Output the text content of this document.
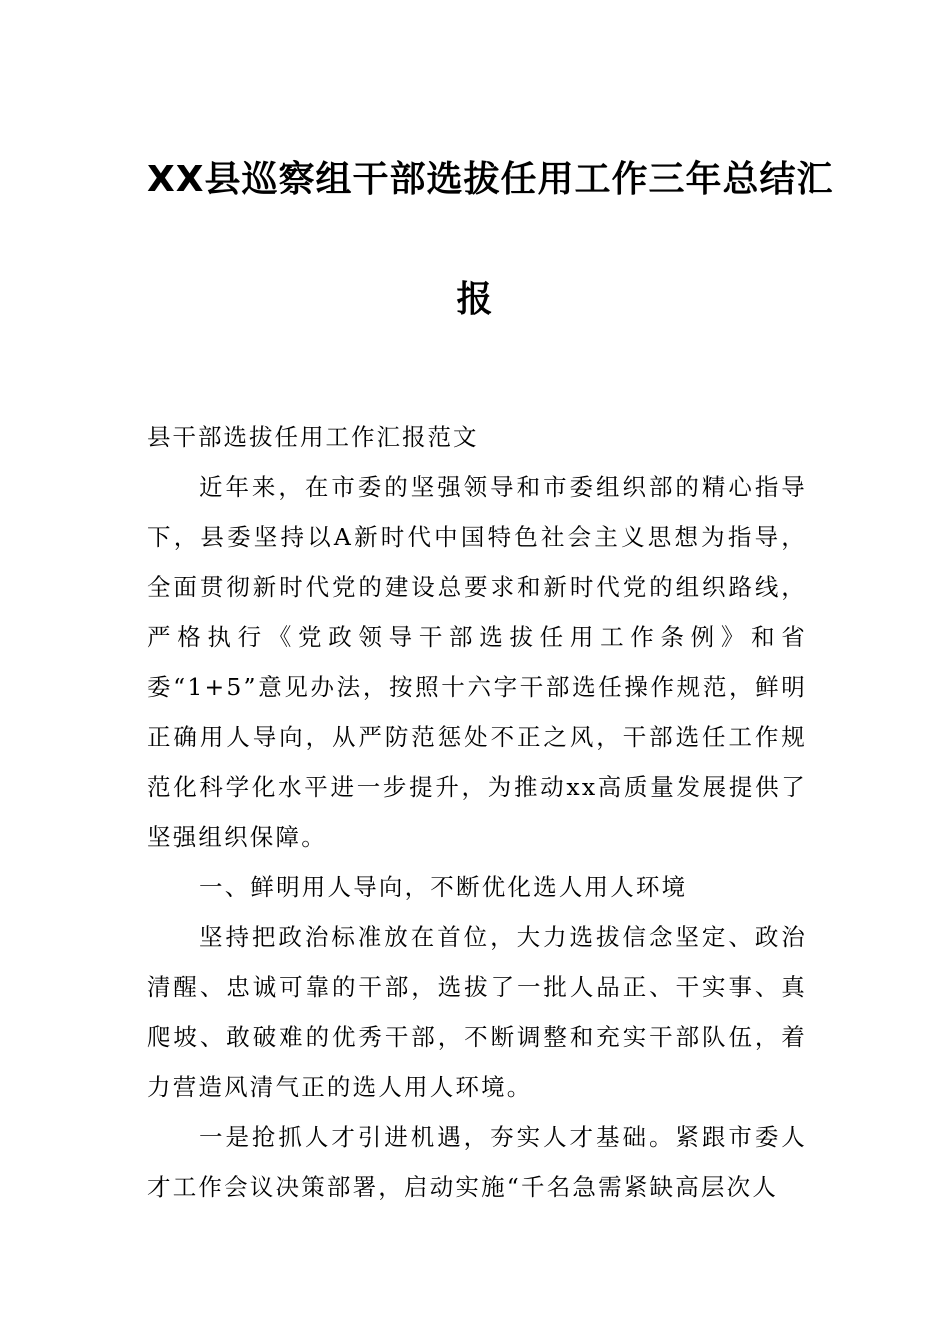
XX县巡察组干部选拔任用工作三年总结汇
报

县干部选拔任用工作汇报范文

近年来，在市委的坚强领导和市委组织部的精心指导下，县委坚持以A新时代中国特色社会主义思想为指导，全面贯彻新时代党的建设总要求和新时代党的组织路线，严格执行《党政领导干部选拔任用工作条例》和省委“1+5”意见办法，按照十六字干部选任操作规范，鲜明正确用人导向，从严防范惩处不正之风，干部选任工作规范化科学化水平进一步提升，为推动xx高质量发展提供了坚强组织保障。

一、鲜明用人导向，不断优化选人用人环境

坚持把政治标准放在首位，大力选拔信念坚定、政治清醒、忠诚可靠的干部，选拔了一批人品正、干实事、真爬坡、敢破难的优秀干部，不断调整和充实干部队伍，着力营造风清气正的选人用人环境。

一是抢抓人才引进机遇，夯实人才基础。紧跟市委人才工作会议决策部署，启动实施“千名急需紧缺高层次人
